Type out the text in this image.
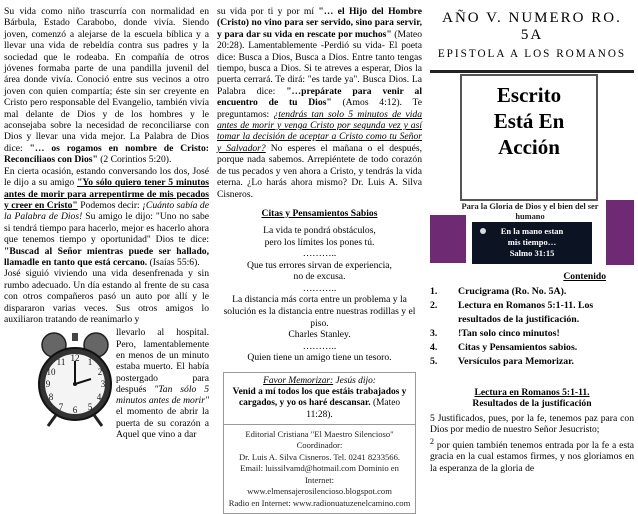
Su vida como niño trascurría con normalidad en Bárbula, Estado Carabobo, donde vivía. Siendo joven, comenzó a alejarse de la escuela bíblica y a llevar una vida de rebeldía contra sus padres y la sociedad que le rodeaba. En compañía de otros jóvenes formaba parte de una pandilla juvenil del área donde vivía. Conoció entre sus vecinos a otro joven con quien compartía; éste sin ser creyente en Cristo pero responsable del Evangelio, también vivía mal delante de Dios y de los hombres y le aconsejaba sobre la necesidad de reconciliarse con Dios y llevar una vida mejor. La Palabra de Dios dice: "… os rogamos en nombre de Cristo: Reconciliaos con Dios" (2 Corintios 5:20).

En cierta ocasión, estando conversando los dos, José le dijo a su amigo "Yo sólo quiero tener 5 minutos antes de morir para arrepentirme de mis pecados y creer en Cristo" Podemos decir: ¡Cuánto sabía de la Palabra de Dios! Su amigo le dijo: "Uno no sabe si tendrá tiempo para hacerlo, mejor es hacerlo ahora que tenemos tiempo y oportunidad" Dios te dice: "Buscad al Señor mientras puede ser hallado, llamadle en tanto que está cercano. (Isaías 55:6).

José siguió viviendo una vida desenfrenada y sin rumbo adecuado. Un día estando al frente de su casa con otros compañeros pasó un auto por allí y le dispararon varias veces. Sus otros amigos lo auxiliaron tratando de reanimarlo y

12 1
2
3
4
5
6
7
8
9
10
11
llevarlo al hospital. Pero, lamentablemente en menos de un minuto estaba muerto. El había postergado para después "Tan sólo 5 minutos antes de morir" el momento de abrir la puerta de su corazón a Aquel que vino a dar

su vida por ti y por mí "… el Hijo del Hombre (Cristo) no vino para ser servido, sino para servir, y para dar su vida en rescate por muchos" (Mateo 20:28). Lamentablemente -Perdió su vida- El poeta dice: Busca a Dios, Busca a Dios. Entre tanto tengas tiempo, busca a Dios. Si te atreves a esperar, Dios la puerta cerrará. Te dirá: "es tarde ya". Busca Dios. La Palabra dice: "…prepárate para venir al encuentro de tu Dios" (Amos 4:12). Te preguntamos: ¿tendrás tan solo 5 minutos de vida antes de morir y venga Cristo por segunda vez y así tomar la decisión de aceptar a Cristo como tu Señor y Salvador? No esperes el mañana o el después, porque nada sabemos. Arrepiéntete de todo corazón de tus pecados y ven ahora a Cristo, y tendrás la vida eterna. ¿Lo harás ahora mismo? Dr. Luis A. Silva Cisneros.

Citas y Pensamientos Sabios
La vida te pondrá obstáculos,
pero los límites los pones tú.
………..
Que tus errores sirvan de experiencia,
no de excusa.
………..
La distancia más corta entre un problema y la solución es la distancia entre nuestras rodillas y el piso.
Charles Stanley.
………..
Quien tiene un amigo tiene un tesoro.
Favor Memorizar: Jesús dijo:
Venid a mí todos los que estáis trabajados y cargados, y yo os haré descansar. (Mateo 11:28).
Editorial Cristiana "El Maestro Silencioso" Coordinador:
Dr. Luis A. Silva Cisneros. Tel. 0241 8233566.
Email: luissilvamd@hotmail.com Dominio en Internet:
www.elmensajerosilencioso.blogspot.com
Radio en Internet: www.radionuatuzenelcamino.com
AÑO V. NUMERO RO. 5A
EPISTOLA A LOS ROMANOS
Escrito
Está En
Acción
Para la Gloria de Dios y el bien del ser humano
En la mano estan
mis tiempo…
Salmo 31:15
Contenido
1.	Crucigrama (Ro. No. 5A).
2.	Lectura en Romanos 5:1-11. Los resultados de la justificación.
3.	!Tan solo cinco minutos!
4.	Citas y Pensamientos sabios.
5.	Versículos para Memorizar.
Lectura en Romanos 5:1-11.
Resultados de la justificación
5 Justificados, pues, por la fe, tenemos paz para con Dios por medio de nuestro Señor Jesucristo;
$^2$ por quien también tenemos entrada por la fe a esta gracia en la cual estamos firmes, y nos gloriamos en la esperanza de la gloria de
